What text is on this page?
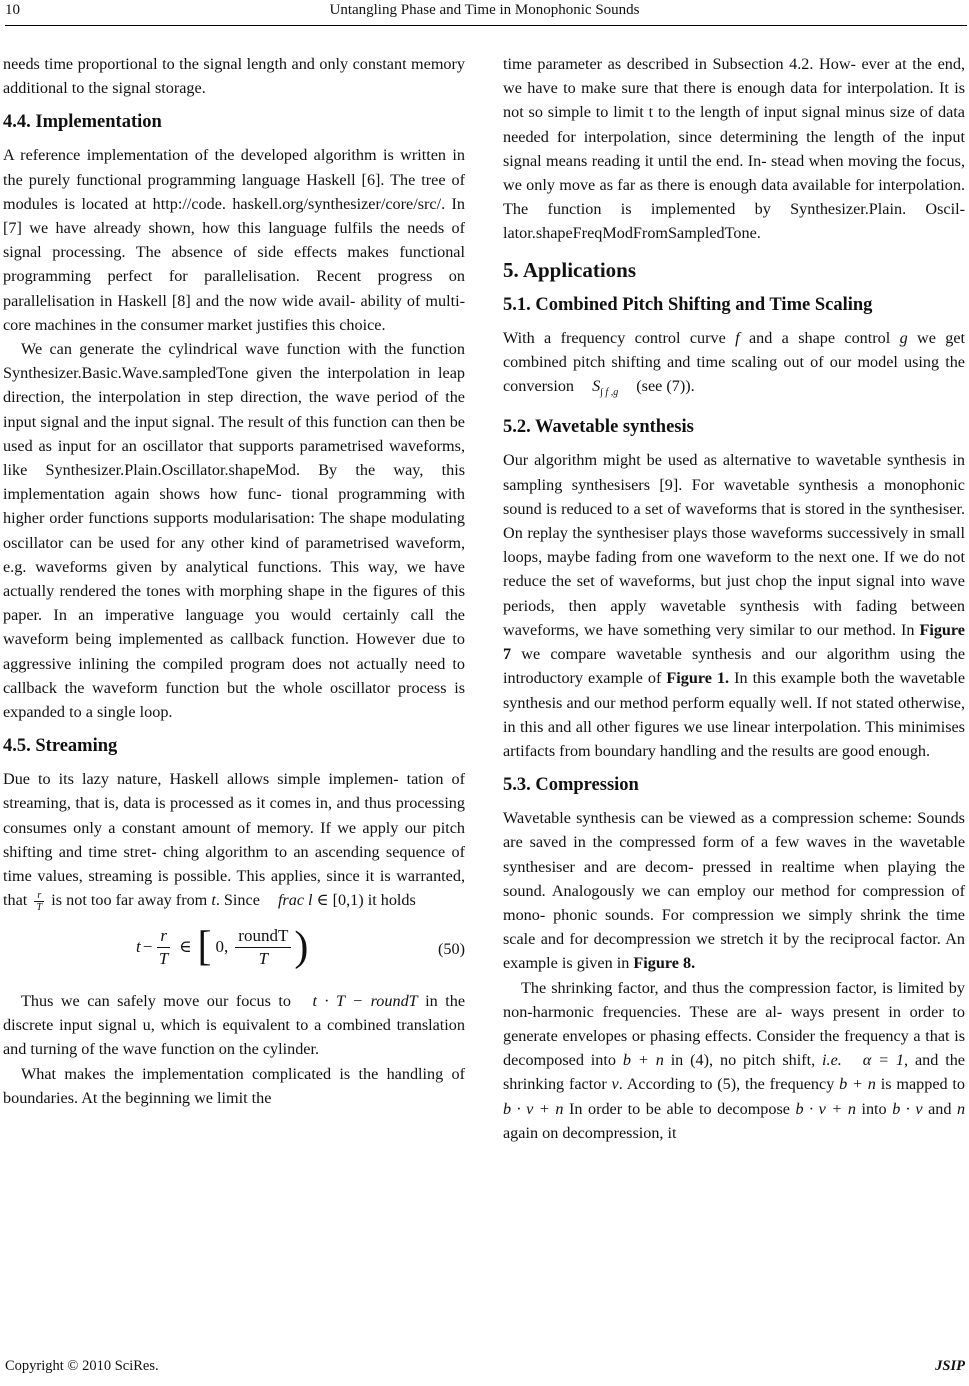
10	Untangling Phase and Time in Monophonic Sounds

needs time proportional to the signal length and only constant memory additional to the signal storage.

4.4. Implementation

A reference implementation of the developed algorithm is written in the purely functional programming language Haskell [6]. The tree of modules is located at http://code. haskell.org/synthesizer/core/src/. In [7] we have already shown, how this language fulfils the needs of signal processing. The absence of side effects makes functional programming perfect for parallelisation. Recent progress on parallelisation in Haskell [8] and the now wide avail- ability of multi-core machines in the consumer market justifies this choice.

We can generate the cylindrical wave function with the function Synthesizer.Basic.Wave.sampledTone given the interpolation in leap direction, the interpolation in step direction, the wave period of the input signal and the input signal. The result of this function can then be used as input for an oscillator that supports parametrised waveforms, like Synthesizer.Plain.Oscillator.shapeMod. By the way, this implementation again shows how func- tional programming with higher order functions supports modularisation: The shape modulating oscillator can be used for any other kind of parametrised waveform, e.g. waveforms given by analytical functions. This way, we have actually rendered the tones with morphing shape in the figures of this paper. In an imperative language you would certainly call the waveform being implemented as callback function. However due to aggressive inlining the compiled program does not actually need to callback the waveform function but the whole oscillator process is expanded to a single loop.

4.5. Streaming

Due to its lazy nature, Haskell allows simple implemen- tation of streaming, that is, data is processed as it comes in, and thus processing consumes only a constant amount of memory. If we apply our pitch shifting and time stret- ching algorithm to an ascending sequence of time values, streaming is possible. This applies, since it is warranted, that $\frac{r}{T}$ is not too far away from t. Since frac l ∈ [0,1) it holds

$t - \frac{r}{T}$ ∈ [ 0, $\frac{\text{roundT}}{T}$ )	(50)

Thus we can safely move our focus to t · T − roundT in the discrete input signal u, which is equivalent to a combined translation and turning of the wave function on the cylinder.

What makes the implementation complicated is the handling of boundaries. At the beginning we limit the

time parameter as described in Subsection 4.2. How- ever at the end, we have to make sure that there is enough data for interpolation. It is not so simple to limit t to the length of input signal minus size of data needed for interpolation, since determining the length of the input signal means reading it until the end. In- stead when moving the focus, we only move as far as there is enough data available for interpolation. The function is implemented by Synthesizer.Plain. Oscil- lator.shapeFreqModFromSampledTone.

5. Applications
5.1. Combined Pitch Shifting and Time Scaling

With a frequency control curve f and a shape control g we get combined pitch shifting and time scaling out of our model using the conversion $S_{\int f ,g}$ (see (7)).

5.2. Wavetable synthesis

Our algorithm might be used as alternative to wavetable synthesis in sampling synthesisers [9]. For wavetable synthesis a monophonic sound is reduced to a set of waveforms that is stored in the synthesiser. On replay the synthesiser plays those waveforms successively in small loops, maybe fading from one waveform to the next one. If we do not reduce the set of waveforms, but just chop the input signal into wave periods, then apply wavetable synthesis with fading between waveforms, we have something very similar to our method. In Figure 7 we compare wavetable synthesis and our algorithm using the introductory example of Figure 1. In this example both the wavetable synthesis and our method perform equally well. If not stated otherwise, in this and all other figures we use linear interpolation. This minimises artifacts from boundary handling and the results are good enough.

5.3. Compression

Wavetable synthesis can be viewed as a compression scheme: Sounds are saved in the compressed form of a few waves in the wavetable synthesiser and are decom- pressed in realtime when playing the sound. Analogously we can employ our method for compression of mono- phonic sounds. For compression we simply shrink the time scale and for decompression we stretch it by the reciprocal factor. An example is given in Figure 8.

The shrinking factor, and thus the compression factor, is limited by non-harmonic frequencies. These are al- ways present in order to generate envelopes or phasing effects. Consider the frequency a that is decomposed into b + n in (4), no pitch shift, i.e. α = 1, and the shrinking factor v. According to (5), the frequency b + n is mapped to b · v + n In order to be able to decompose b · v + n into b · v and n again on decompression, it

Copyright © 2010 SciRes.	JSIP
